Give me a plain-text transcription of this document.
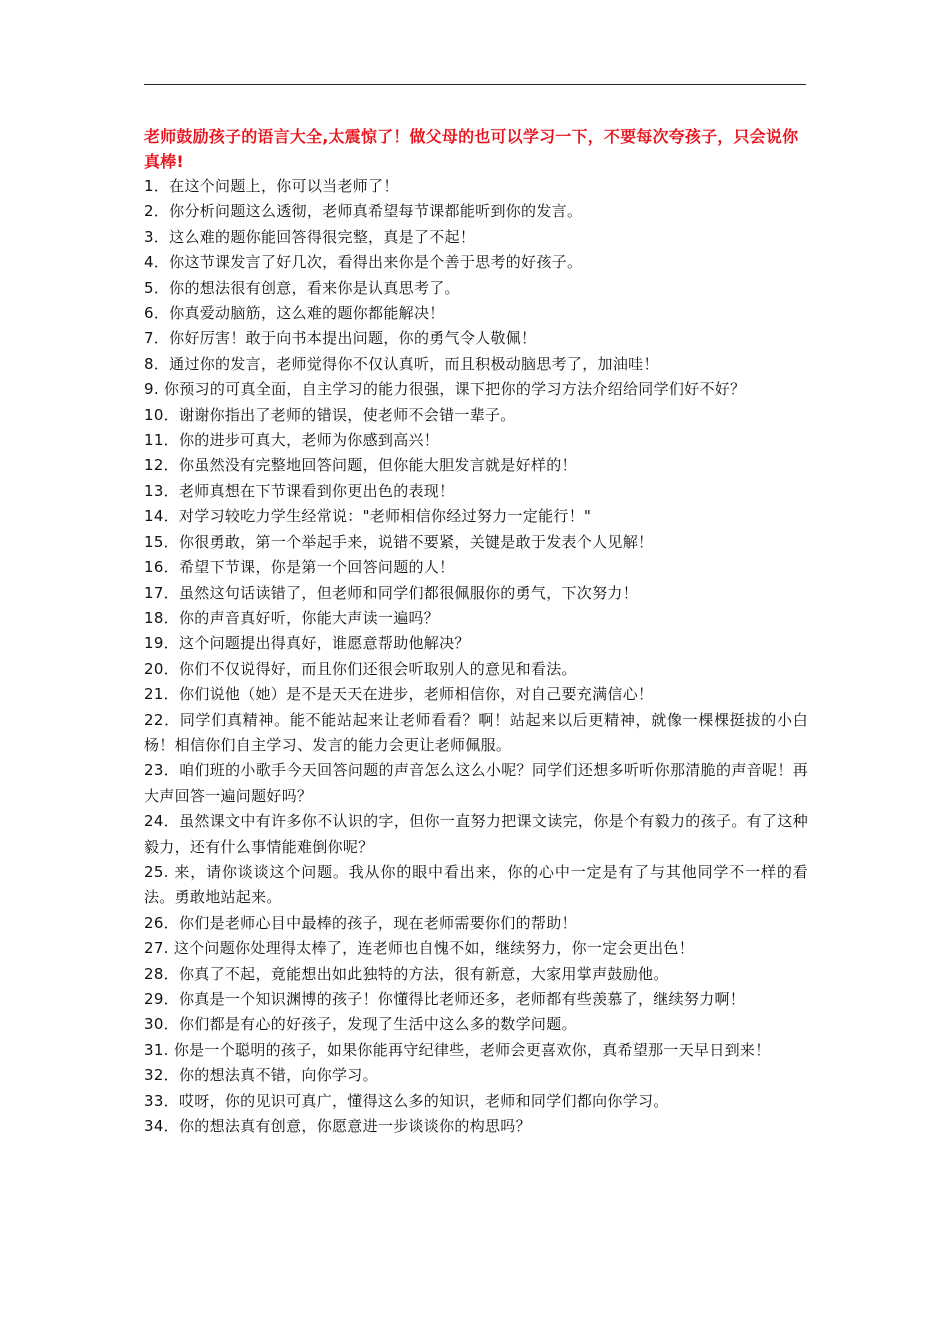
老师鼓励孩子的语言大全,太震惊了！做父母的也可以学习一下，不要每次夸孩子，只会说你真棒!
1．在这个问题上，你可以当老师了！
2．你分析问题这么透彻，老师真希望每节课都能听到你的发言。
3．这么难的题你能回答得很完整，真是了不起！
4．你这节课发言了好几次，看得出来你是个善于思考的好孩子。
5．你的想法很有创意，看来你是认真思考了。
6．你真爱动脑筋，这么难的题你都能解决！
7．你好厉害！敢于向书本提出问题，你的勇气令人敬佩！
8．通过你的发言，老师觉得你不仅认真听，而且积极动脑思考了，加油哇！
9. 你预习的可真全面，自主学习的能力很强，课下把你的学习方法介绍给同学们好不好？
10．谢谢你指出了老师的错误，使老师不会错一辈子。
11．你的进步可真大，老师为你感到高兴！
12．你虽然没有完整地回答问题，但你能大胆发言就是好样的！
13．老师真想在下节课看到你更出色的表现！
14．对学习较吃力学生经常说："老师相信你经过努力一定能行！"
15．你很勇敢，第一个举起手来，说错不要紧，关键是敢于发表个人见解！
16．希望下节课，你是第一个回答问题的人！
17．虽然这句话读错了，但老师和同学们都很佩服你的勇气，下次努力！
18．你的声音真好听，你能大声读一遍吗？
19．这个问题提出得真好，谁愿意帮助他解决？
20．你们不仅说得好，而且你们还很会听取别人的意见和看法。
21．你们说他（她）是不是天天在进步，老师相信你，对自己要充满信心！
22．同学们真精神。能不能站起来让老师看看？啊！站起来以后更精神，就像一棵棵挺拔的小白杨！相信你们自主学习、发言的能力会更让老师佩服。
23．咱们班的小歌手今天回答问题的声音怎么这么小呢？同学们还想多听听你那清脆的声音呢！再大声回答一遍问题好吗？
24．虽然课文中有许多你不认识的字，但你一直努力把课文读完，你是个有毅力的孩子。有了这种毅力，还有什么事情能难倒你呢？
25. 来，请你谈谈这个问题。我从你的眼中看出来，你的心中一定是有了与其他同学不一样的看法。勇敢地站起来。
26．你们是老师心目中最棒的孩子，现在老师需要你们的帮助！
27. 这个问题你处理得太棒了，连老师也自愧不如，继续努力，你一定会更出色！
28．你真了不起，竟能想出如此独特的方法，很有新意，大家用掌声鼓励他。
29．你真是一个知识渊博的孩子！你懂得比老师还多，老师都有些羡慕了，继续努力啊！
30．你们都是有心的好孩子，发现了生活中这么多的数学问题。
31. 你是一个聪明的孩子，如果你能再守纪律些，老师会更喜欢你，真希望那一天早日到来！
32．你的想法真不错，向你学习。
33．哎呀，你的见识可真广，懂得这么多的知识，老师和同学们都向你学习。
34．你的想法真有创意，你愿意进一步谈谈你的构思吗？
